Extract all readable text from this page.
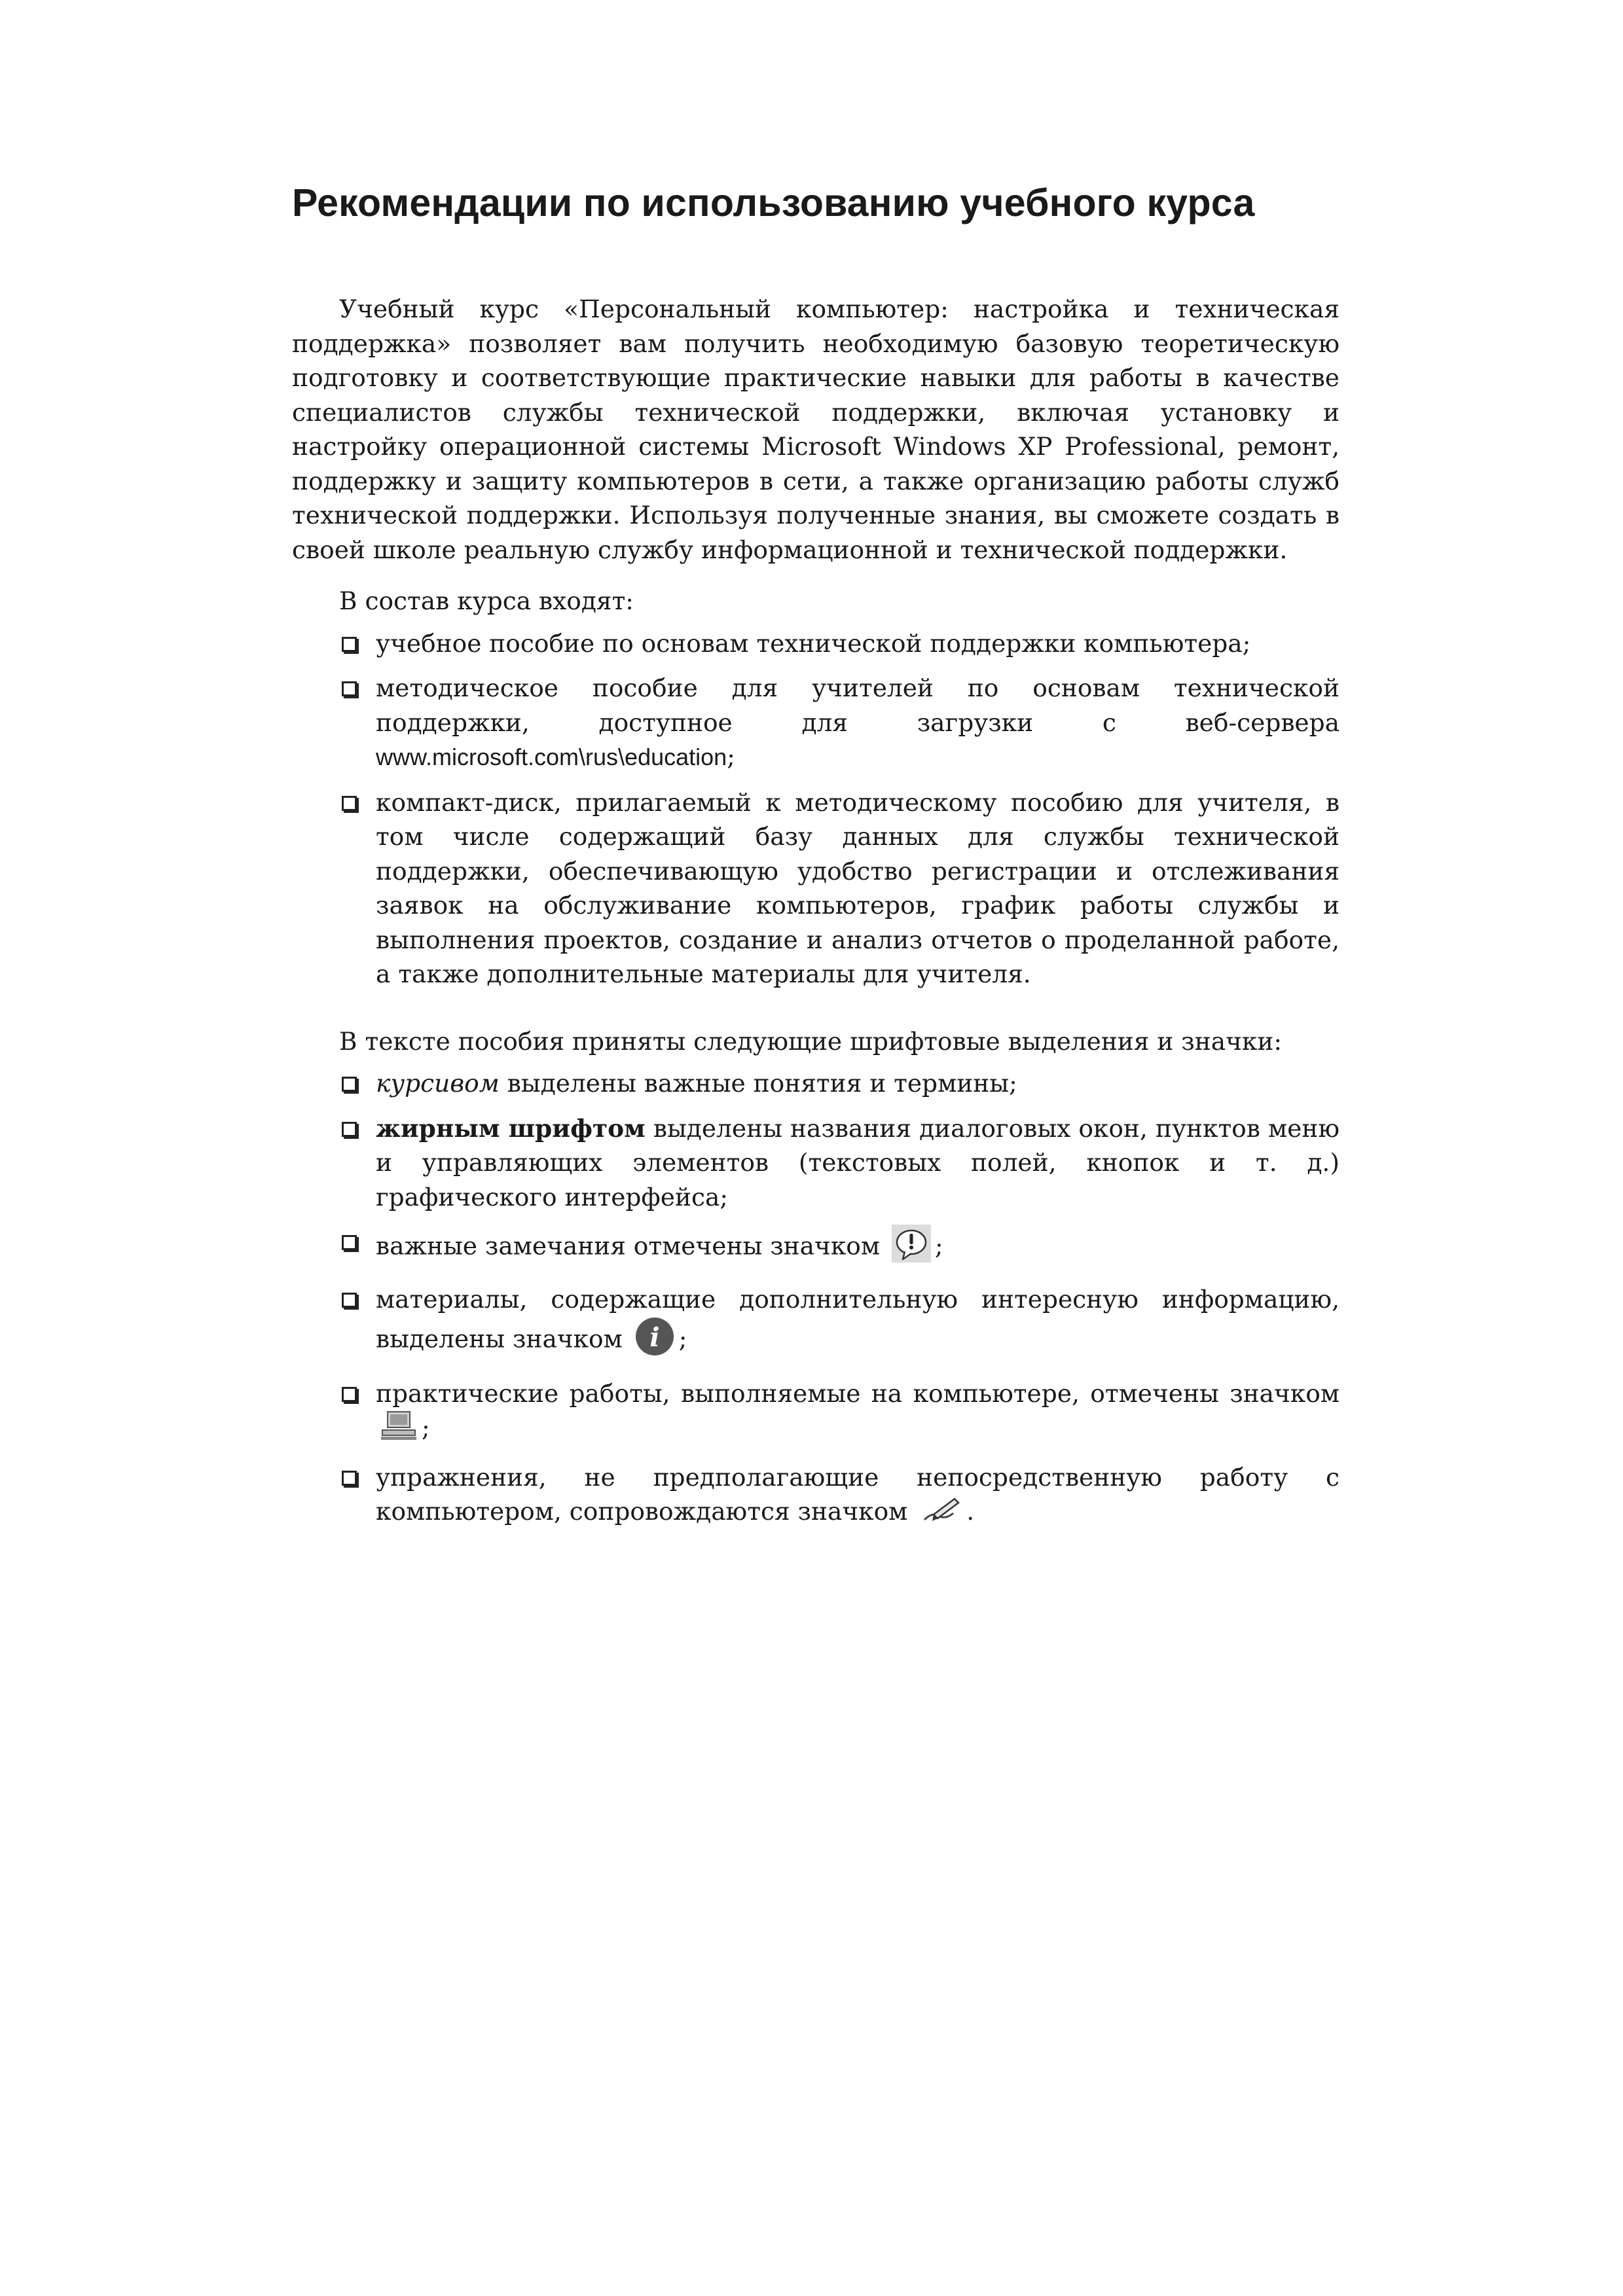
Рекомендации по использованию учебного курса

Учебный курс «Персональный компьютер: настройка и техническая поддержка» позволяет вам получить необходимую базовую теоретическую подготовку и соответствующие практические навыки для работы в качестве специалистов службы технической поддержки, включая установку и настройку операционной системы Microsoft Windows XP Professional, ремонт, поддержку и защиту компьютеров в сети, а также организацию работы служб технической поддержки. Используя полученные знания, вы сможете создать в своей школе реальную службу информационной и технической поддержки.

В состав курса входят:

учебное пособие по основам технической поддержки компьютера;
методическое пособие для учителей по основам технической поддержки, доступное для загрузки с веб-сервера www.microsoft.com\rus\education;
компакт-диск, прилагаемый к методическому пособию для учителя, в том числе содержащий базу данных для службы технической поддержки, обеспечивающую удобство регистрации и отслеживания заявок на обслуживание компьютеров, график работы службы и выполнения проектов, создание и анализ отчетов о проделанной работе, а также дополнительные материалы для учителя.

В тексте пособия приняты следующие шрифтовые выделения и значки:

курсивом выделены важные понятия и термины;
жирным шрифтом выделены названия диалоговых окон, пунктов меню и управляющих элементов (текстовых полей, кнопок и т. д.) графического интерфейса;
важные замечания отмечены значком ;
материалы, содержащие дополнительную интересную информацию, выделены значком i ;
практические работы, выполняемые на компьютере, отмечены значком ;
упражнения, не предполагающие непосредственную работу с компьютером, сопровождаются значком .
